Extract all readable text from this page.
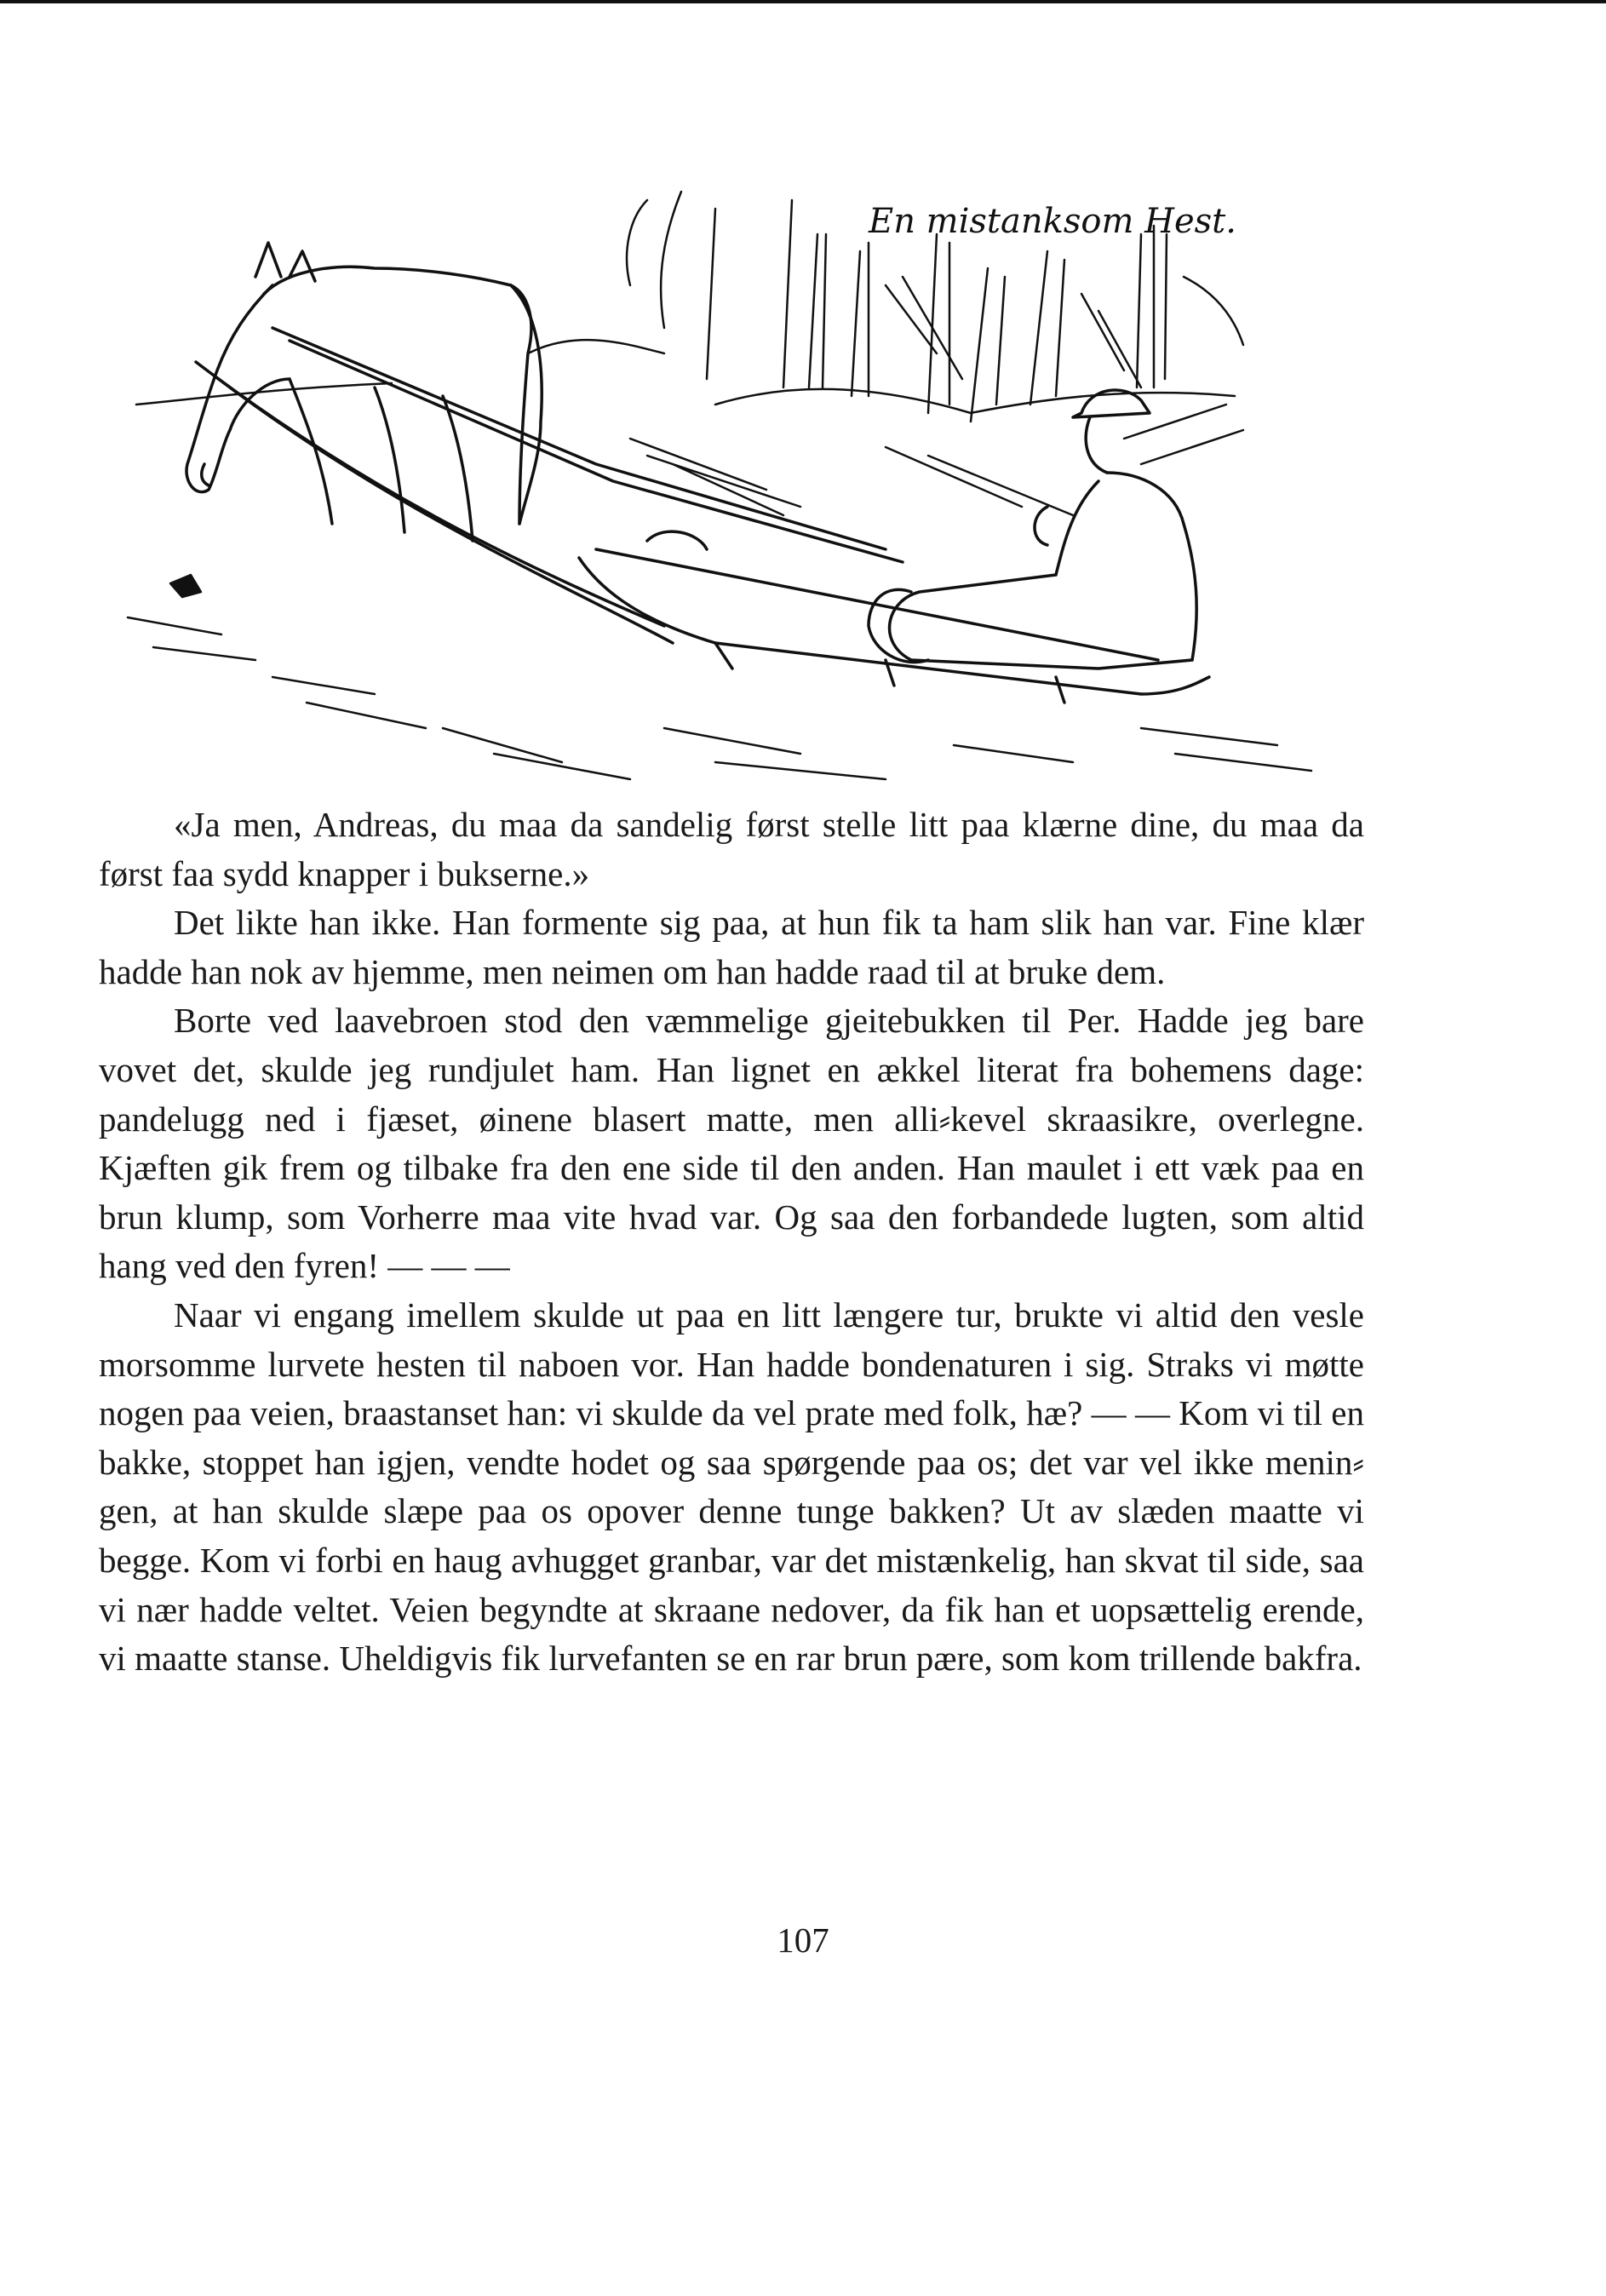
En mistanksom Hest.

«Ja men, Andreas, du maa da sandelig først stelle litt paa klærne dine, du maa da først faa sydd knapper i bukserne.»

Det likte han ikke. Han formente sig paa, at hun fik ta ham slik han var. Fine klær hadde han nok av hjemme, men neimen om han hadde raad til at bruke dem.

Borte ved laavebroen stod den væmmelige gjeitebukken til Per. Hadde jeg bare vovet det, skulde jeg rundjulet ham. Han lignet en ækkel literat fra bohemens dage: pandelugg ned i fjæset, øinene blasert matte, men alli⸗kevel skraasikre, overlegne. Kjæften gik frem og tilbake fra den ene side til den anden. Han maulet i ett væk paa en brun klump, som Vorherre maa vite hvad var. Og saa den forbandede lugten, som altid hang ved den fyren! — — —

Naar vi engang imellem skulde ut paa en litt længere tur, brukte vi altid den vesle morsomme lurvete hesten til naboen vor. Han hadde bondenaturen i sig. Straks vi møtte nogen paa veien, braastanset han: vi skulde da vel prate med folk, hæ? — — Kom vi til en bakke, stoppet han igjen, vendte hodet og saa spørgende paa os; det var vel ikke menin⸗gen, at han skulde slæpe paa os opover denne tunge bakken? Ut av slæden maatte vi begge. Kom vi forbi en haug avhugget granbar, var det mistænkelig, han skvat til side, saa vi nær hadde veltet. Veien begyndte at skraane nedover, da fik han et uopsættelig erende, vi maatte stanse. Uheldigvis fik lurvefanten se en rar brun pære, som kom trillende bakfra.

107
